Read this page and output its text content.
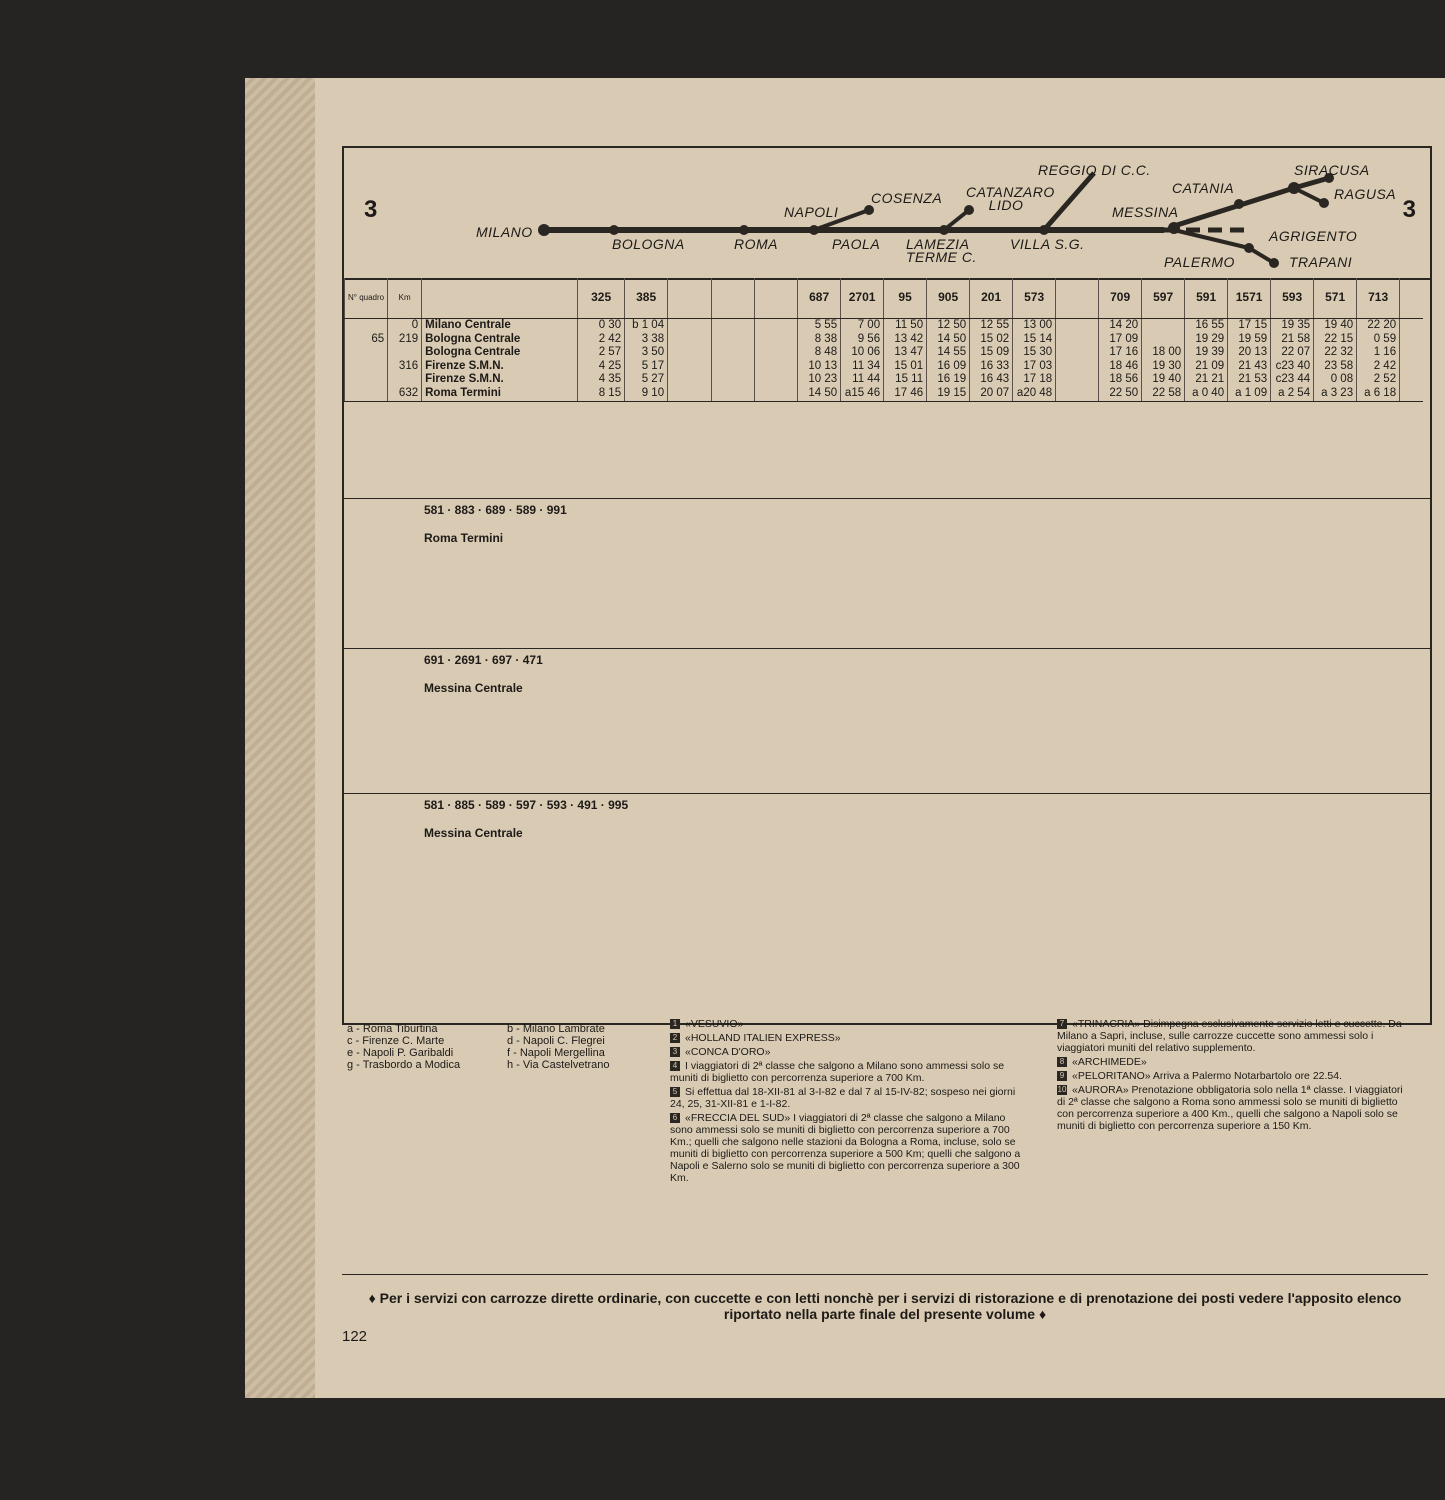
3	3
MILANO
BOLOGNA	ROMA
NAPOLI
PAOLA
COSENZA
LAMEZIA TERME C.
CATANZARO LIDO
VILLA S.G.
REGGIO DI C.C.
MESSINA
CATANIA
SIRACUSA
RAGUSA
AGRIGENTO
PALERMO	TRAPANI
N° quadro	Km		325	385				687	2701	95	905	201	573		709	597	591	1571	593	571	713	
	0	Milano Centrale	0 30	b 1 04				5 55	7 00	11 50	12 50	12 55	13 00		14 20		16 55	17 15	19 35	19 40	22 20	
65	219	Bologna Centrale	2 42	3 38				8 38	9 56	13 42	14 50	15 02	15 14		17 09		19 29	19 59	21 58	22 15	0 59	
		Bologna Centrale	2 57	3 50				8 48	10 06	13 47	14 55	15 09	15 30		17 16	18 00	19 39	20 13	22 07	22 32	1 16	
	316	Firenze S.M.N.	4 25	5 17				10 13	11 34	15 01	16 09	16 33	17 03		18 46	19 30	21 09	21 43	c23 40	23 58	2 42	
		Firenze S.M.N.	4 35	5 27				10 23	11 44	15 11	16 19	16 43	17 18		18 56	19 40	21 21	21 53	c23 44	0 08	2 52	
	632	Roma Termini	8 15	9 10				14 50	a15 46	17 46	19 15	20 07	a20 48		22 50	22 58	a 0 40	a 1 09	a 2 54	a 3 23	a 6 18	
581 · 883 · 689 · 589 · 991
Roma Termini
691 · 2691 · 697 · 471
Messina Centrale
581 · 885 · 589 · 597 · 593 · 491 · 995
Messina Centrale
a - Roma Tiburtina
c - Firenze C. Marte
e - Napoli P. Garibaldi
g - Trasbordo a Modica
b - Milano Lambrate
d - Napoli C. Flegrei
f - Napoli Mergellina
h - Via Castelvetrano

1 «VESUVIO»

2 «HOLLAND ITALIEN EXPRESS»

3 «CONCA D'ORO»

4 I viaggiatori di 2ª classe che salgono a Milano sono ammessi solo se muniti di biglietto con percorrenza superiore a 700 Km.

5 Si effettua dal 18-XII-81 al 3-I-82 e dal 7 al 15-IV-82; sospeso nei giorni 24, 25, 31-XII-81 e 1-I-82.

6 «FRECCIA DEL SUD» I viaggiatori di 2ª classe che salgono a Milano sono ammessi solo se muniti di biglietto con percorrenza superiore a 700 Km.; quelli che salgono nelle stazioni da Bologna a Roma, incluse, solo se muniti di biglietto con percorrenza superiore a 500 Km; quelli che salgono a Napoli e Salerno solo se muniti di biglietto con percorrenza superiore a 300 Km.

7 «TRINACRIA» Disimpegna esclusivamente servizio letti e cuccette. Da Milano a Sapri, incluse, sulle carrozze cuccette sono ammessi solo i viaggiatori muniti del relativo supplemento.

8 «ARCHIMEDE»

9 «PELORITANO» Arriva a Palermo Notarbartolo ore 22.54.

10 «AURORA» Prenotazione obbligatoria solo nella 1ª classe. I viaggiatori di 2ª classe che salgono a Roma sono ammessi solo se muniti di biglietto con percorrenza superiore a 400 Km., quelli che salgono a Napoli solo se muniti di biglietto con percorrenza superiore a 150 Km.

♦ Per i servizi con carrozze dirette ordinarie, con cuccette e con letti nonchè per i servizi di ristorazione e di prenotazione dei posti vedere l'apposito elenco riportato nella parte finale del presente volume ♦
122
